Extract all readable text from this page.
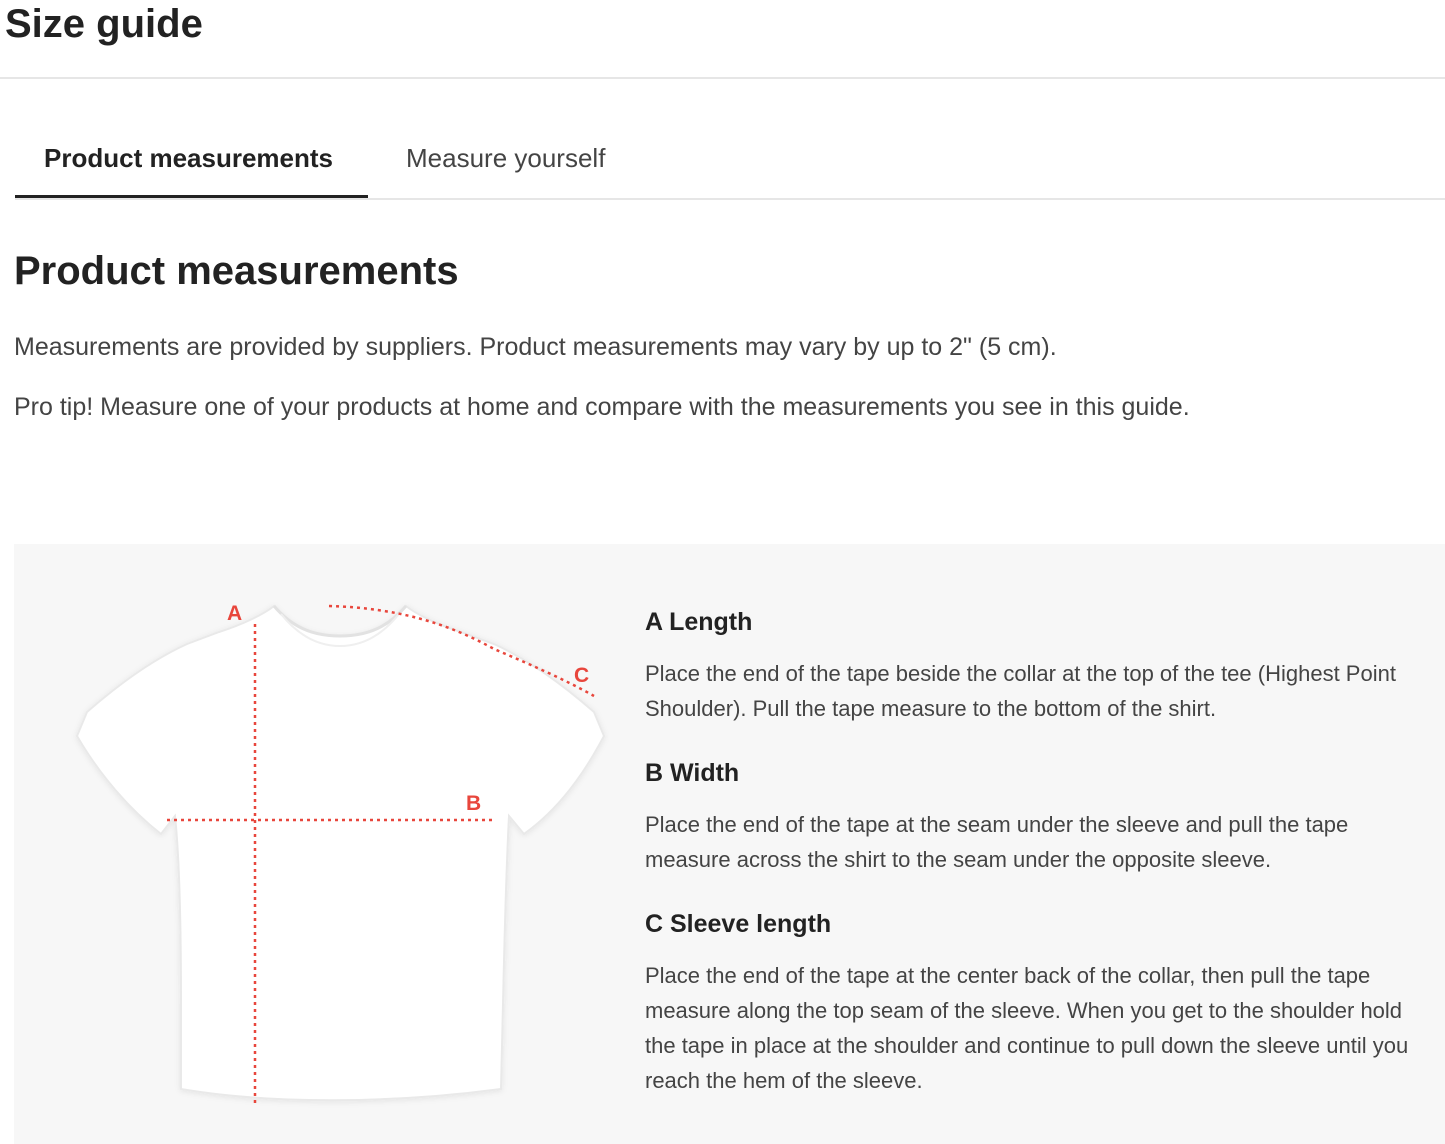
Size guide
Product measurements	Measure yourself
Product measurements

Measurements are provided by suppliers. Product measurements may vary by up to 2" (5 cm).

Pro tip! Measure one of your products at home and compare with the measurements you see in this guide.

A
B
C
A Length

Place the end of the tape beside the collar at the top of the tee (Highest Point Shoulder). Pull the tape measure to the bottom of the shirt.

B Width

Place the end of the tape at the seam under the sleeve and pull the tape measure across the shirt to the seam under the opposite sleeve.

C Sleeve length

Place the end of the tape at the center back of the collar, then pull the tape measure along the top seam of the sleeve. When you get to the shoulder hold the tape in place at the shoulder and continue to pull down the sleeve until you reach the hem of the sleeve.
